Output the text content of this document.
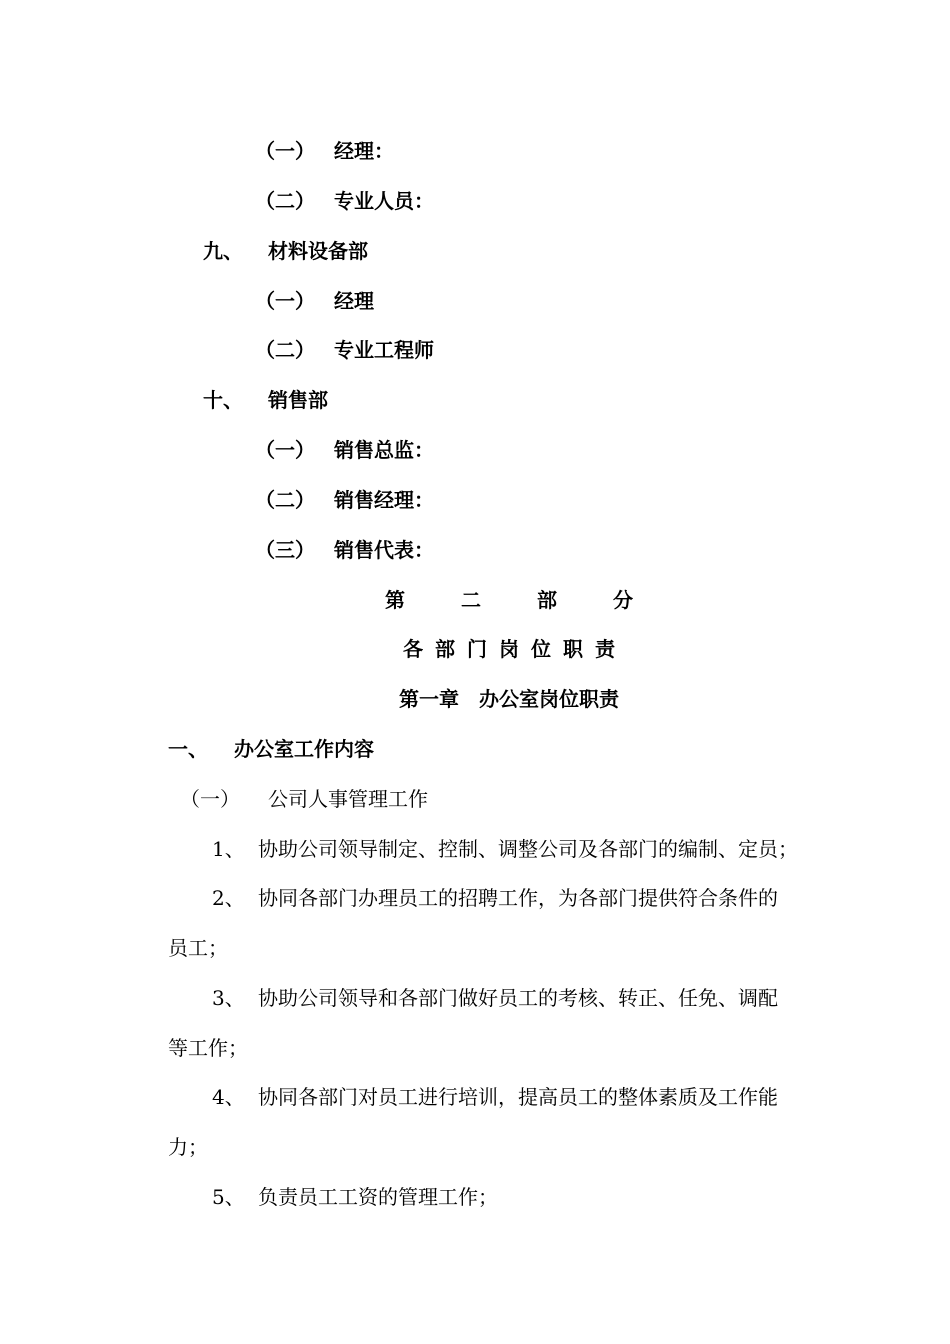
（一） 经理：
（二） 专业人员：
九、 材料设备部
（一） 经理
（二） 专业工程师
十、 销售部
（一） 销售总监：
（二） 销售经理：
（三） 销售代表：
第二部分
各部门岗位职责
第一章　办公室岗位职责
一、 办公室工作内容
（一） 公司人事管理工作
1、 协助公司领导制定、控制、调整公司及各部门的编制、定员；
2、 协同各部门办理员工的招聘工作，为各部门提供符合条件的
员工；
3、 协助公司领导和各部门做好员工的考核、转正、任免、调配
等工作；
4、 协同各部门对员工进行培训，提高员工的整体素质及工作能
力；
5、 负责员工工资的管理工作；
